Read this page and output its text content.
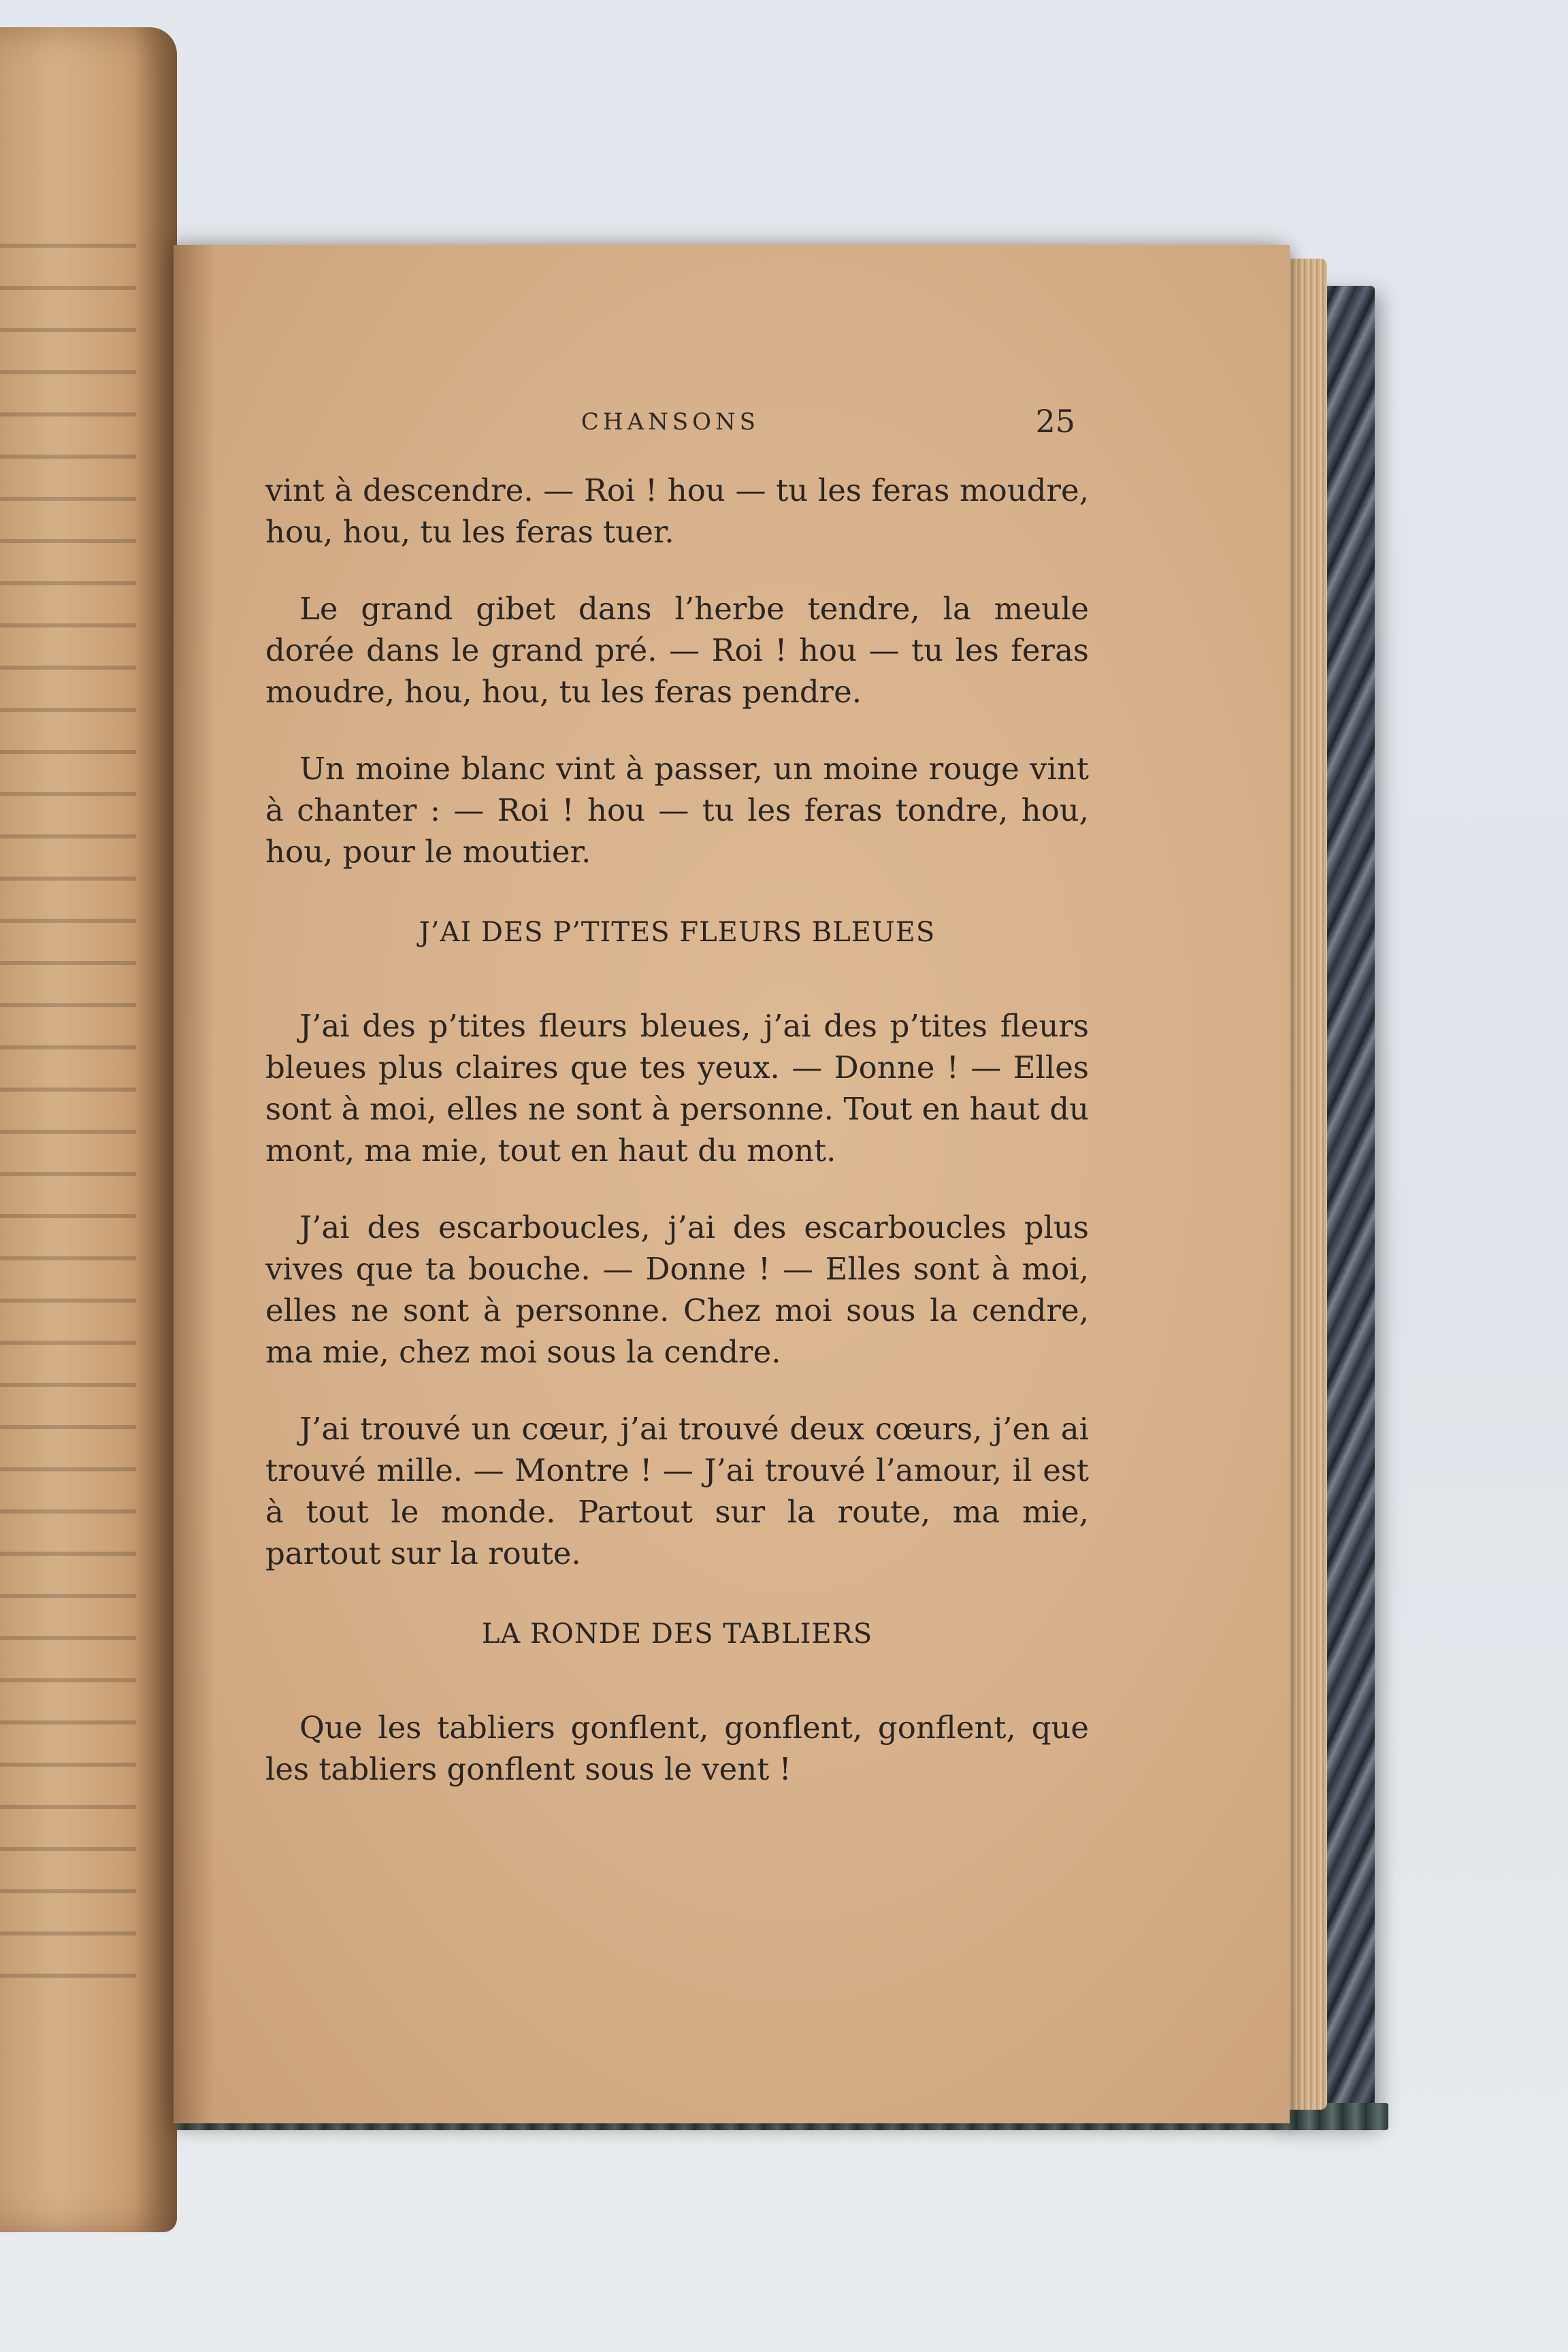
CHANSONS	25

vint à descendre. — Roi ! hou — tu les feras moudre, hou, hou, tu les feras tuer.

Le grand gibet dans l’herbe tendre, la meule dorée dans le grand pré. — Roi ! hou — tu les feras moudre, hou, hou, tu les feras pendre.

Un moine blanc vint à passer, un moine rouge vint à chanter : — Roi ! hou — tu les feras tondre, hou, hou, pour le moutier.

J’AI DES P’TITES FLEURS BLEUES

J’ai des p’tites fleurs bleues, j’ai des p’tites fleurs bleues plus claires que tes yeux. — Donne ! — Elles sont à moi, elles ne sont à personne. Tout en haut du mont, ma mie, tout en haut du mont.

J’ai des escarboucles, j’ai des escarboucles plus vives que ta bouche. — Donne ! — Elles sont à moi, elles ne sont à personne. Chez moi sous la cendre, ma mie, chez moi sous la cendre.

J’ai trouvé un cœur, j’ai trouvé deux cœurs, j’en ai trouvé mille. — Montre ! — J’ai trouvé l’amour, il est à tout le monde. Partout sur la route, ma mie, partout sur la route.

LA RONDE DES TABLIERS

Que les tabliers gonflent, gonflent, gonflent, que les tabliers gonflent sous le vent !
